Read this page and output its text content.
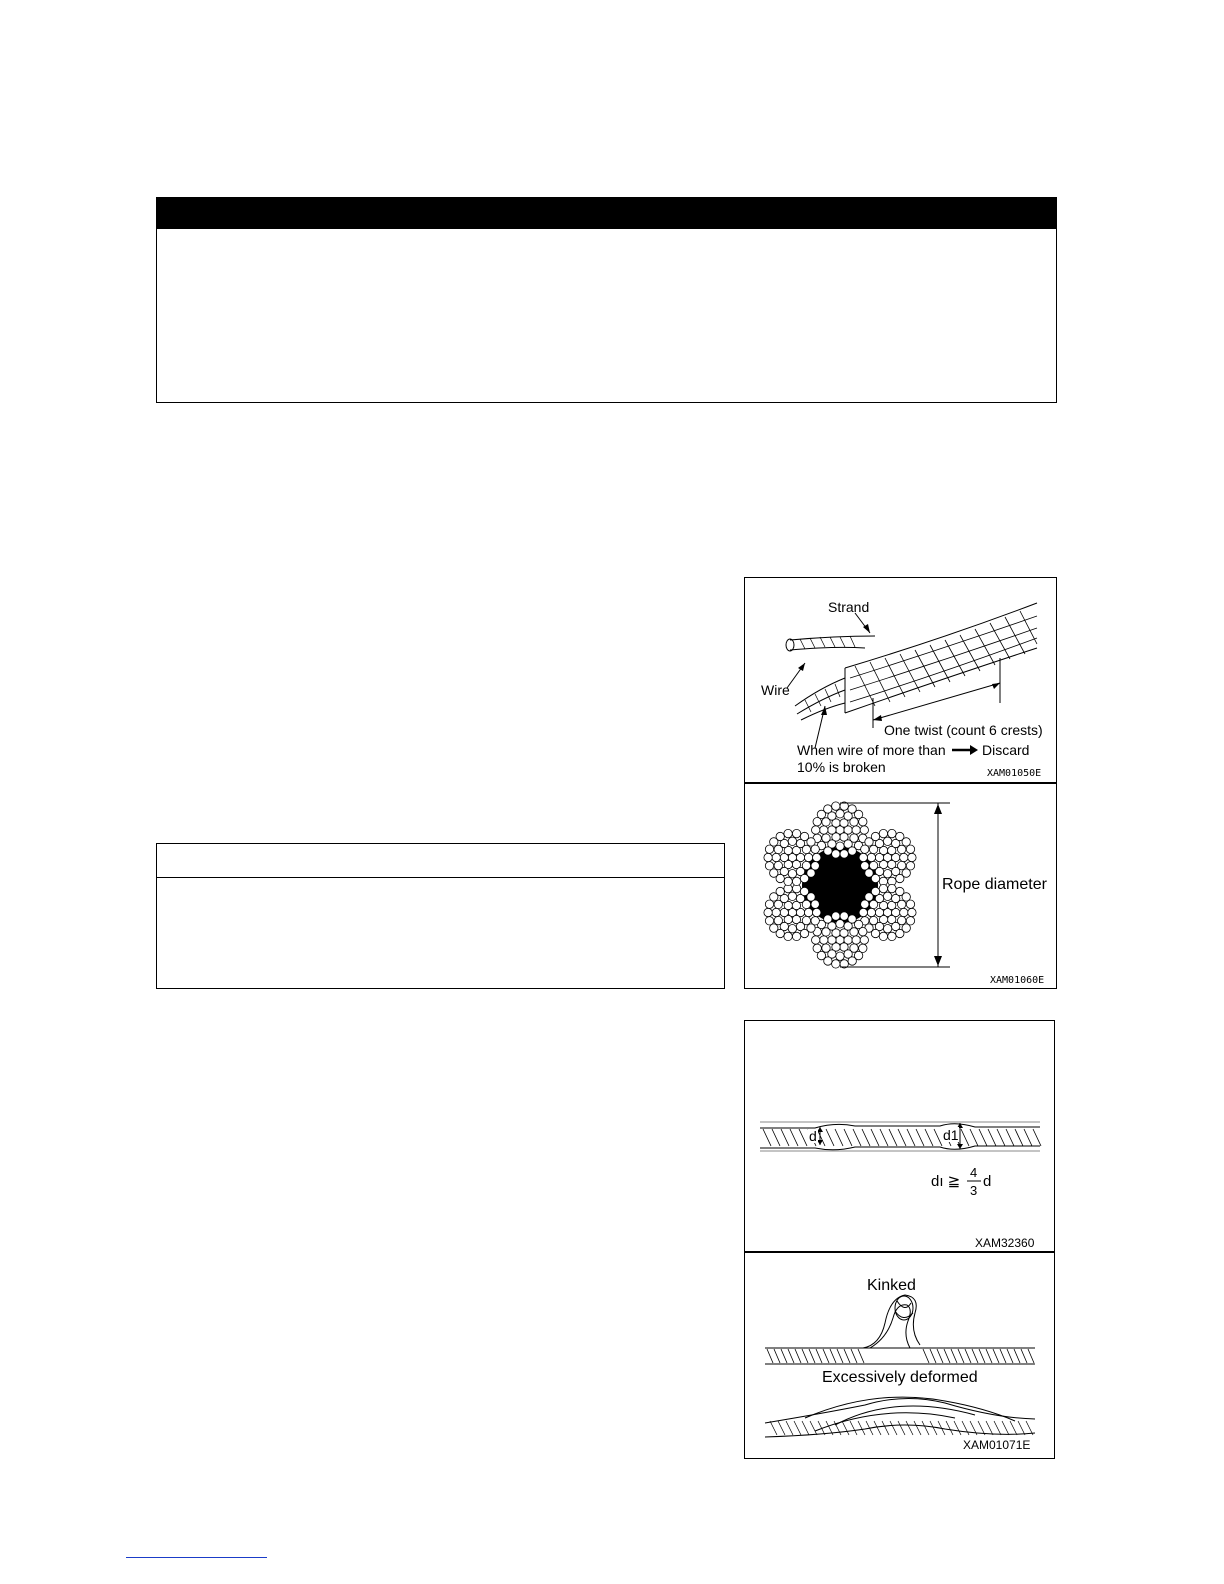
Strand
Wire
One twist (count 6 crests)
When wire of more than
10% is broken
Discard
XAM01050E
Rope diameter
XAM01060E
d	d1
dı ≧
4
3
d
XAM32360
Kinked
Excessively deformed
XAM01071E
